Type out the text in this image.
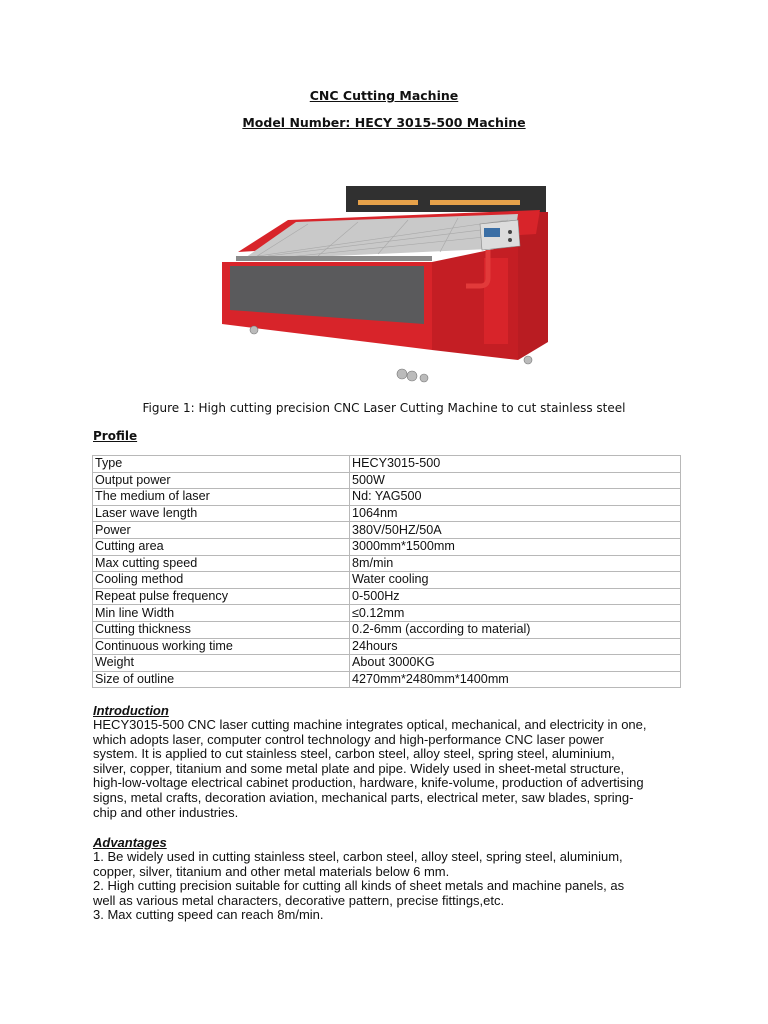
CNC Cutting Machine
Model Number: HECY 3015-500 Machine
Figure 1: High cutting precision CNC Laser Cutting Machine to cut stainless steel
Profile
Type	HECY3015-500
Output power	500W
The medium of laser	Nd: YAG500
Laser wave length	1064nm
Power	380V/50HZ/50A
Cutting area	3000mm*1500mm
Max cutting speed	8m/min
Cooling method	Water cooling
Repeat pulse frequency	0-500Hz
Min line Width	≤0.12mm
Cutting thickness	0.2-6mm (according to material)
Continuous working time	24hours
Weight	About 3000KG
Size of outline	4270mm*2480mm*1400mm
Introduction

HECY3015-500 CNC laser cutting machine integrates optical, mechanical, and electricity in one,

which adopts laser, computer control technology and high-performance CNC laser power

system. It is applied to cut stainless steel, carbon steel, alloy steel, spring steel, aluminium,

silver, copper, titanium and some metal plate and pipe. Widely used in sheet-metal structure,

high-low-voltage electrical cabinet production, hardware, knife-volume, production of advertising

signs, metal crafts, decoration aviation, mechanical parts, electrical meter, saw blades, spring-

chip and other industries.

Advantages

1. Be widely used in cutting stainless steel, carbon steel, alloy steel, spring steel, aluminium,

copper, silver, titanium and other metal materials below 6 mm.

2. High cutting precision suitable for cutting all kinds of sheet metals and machine panels, as

well as various metal characters, decorative pattern, precise fittings,etc.

3. Max cutting speed can reach 8m/min.
